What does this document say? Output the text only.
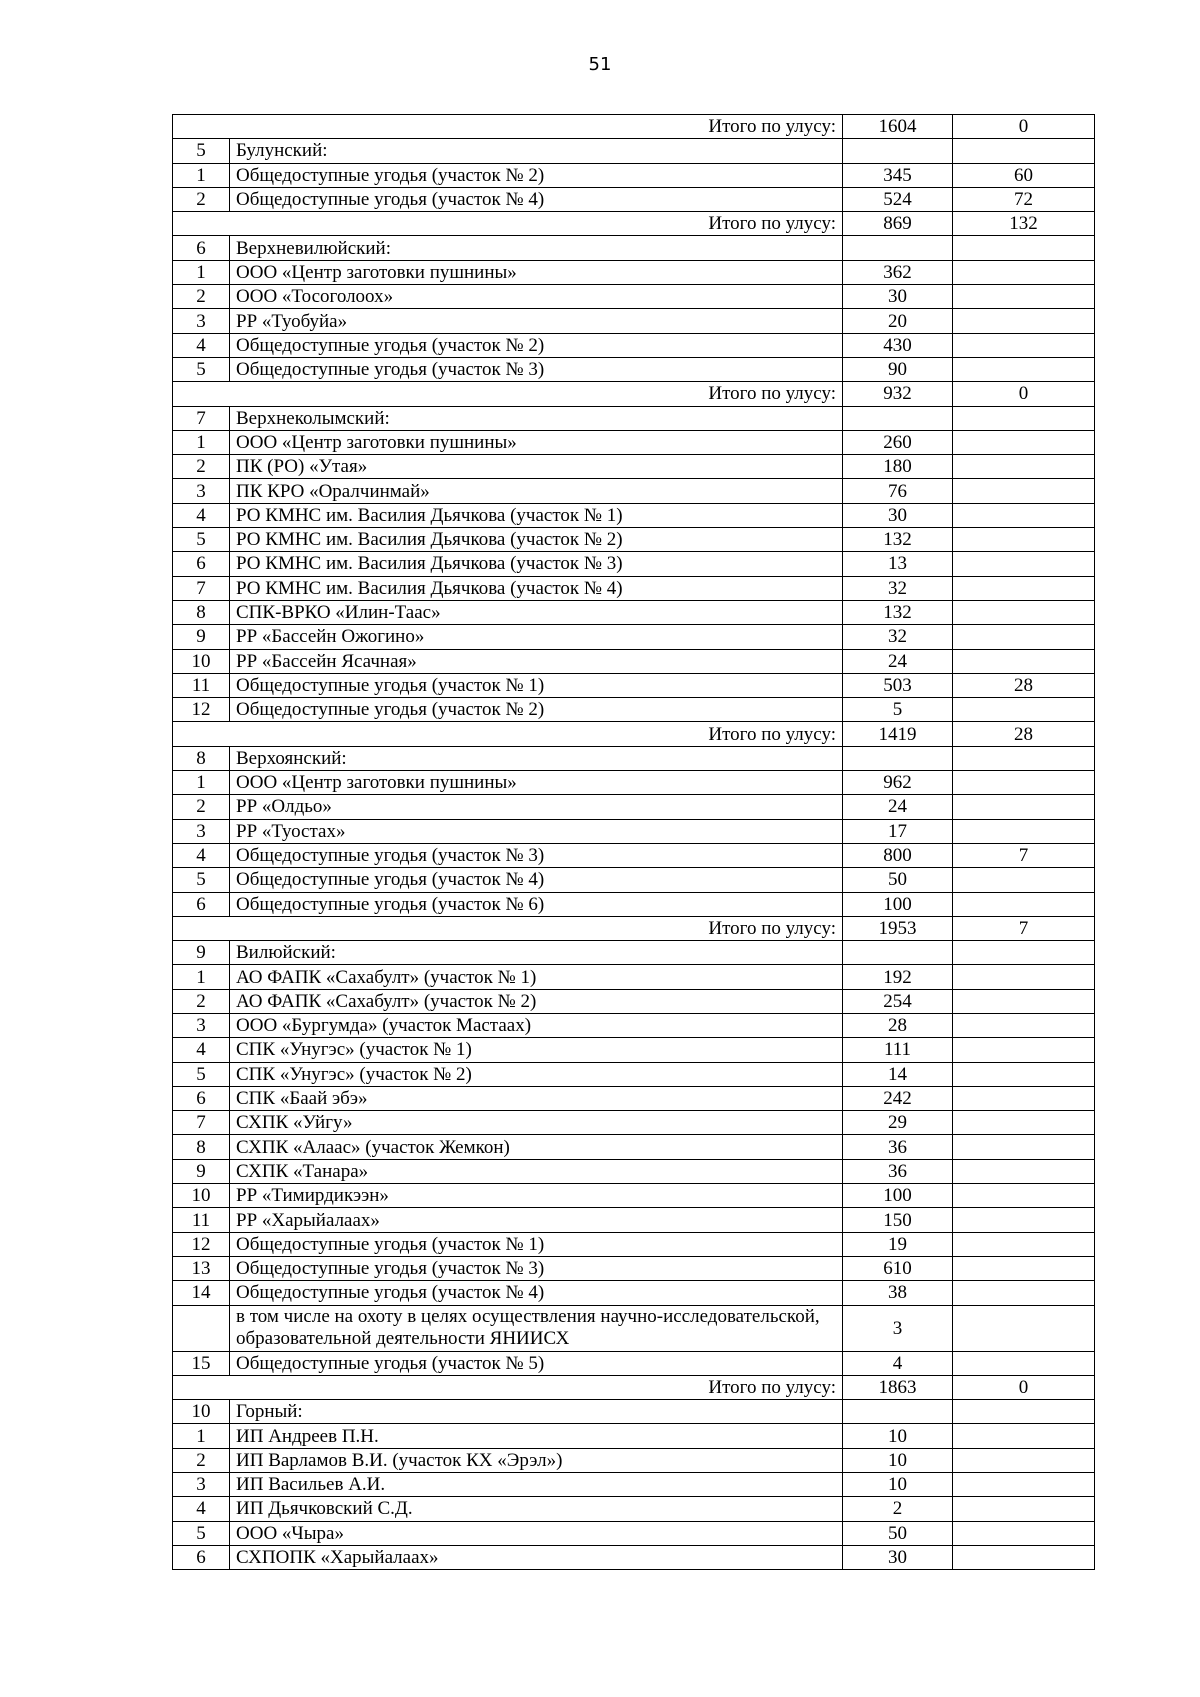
51
Итого по улусу:		1604	0
5	Булунский:		
1	Общедоступные угодья (участок № 2)	345	60
2	Общедоступные угодья (участок № 4)	524	72
Итого по улусу:		869	132
6	Верхневилюйский:		
1	ООО «Центр заготовки пушнины»	362	
2	ООО «Тосоголоох»	30	
3	РР «Туобуйа»	20	
4	Общедоступные угодья (участок № 2)	430	
5	Общедоступные угодья (участок № 3)	90	
Итого по улусу:		932	0
7	Верхнеколымский:		
1	ООО «Центр заготовки пушнины»	260	
2	ПК (РО) «Утая»	180	
3	ПК КРО «Оралчинмай»	76	
4	РО КМНС им. Василия Дьячкова (участок № 1)	30	
5	РО КМНС им. Василия Дьячкова (участок № 2)	132	
6	РО КМНС им. Василия Дьячкова (участок № 3)	13	
7	РО КМНС им. Василия Дьячкова (участок № 4)	32	
8	СПК-ВРКО «Илин-Таас»	132	
9	РР «Бассейн Ожогино»	32	
10	РР «Бассейн Ясачная»	24	
11	Общедоступные угодья (участок № 1)	503	28
12	Общедоступные угодья (участок № 2)	5	
Итого по улусу:		1419	28
8	Верхоянский:		
1	ООО «Центр заготовки пушнины»	962	
2	РР «Олдьо»	24	
3	РР «Туостах»	17	
4	Общедоступные угодья (участок № 3)	800	7
5	Общедоступные угодья (участок № 4)	50	
6	Общедоступные угодья (участок № 6)	100	
Итого по улусу:		1953	7
9	Вилюйский:		
1	АО ФАПК «Сахабулт» (участок № 1)	192	
2	АО ФАПК «Сахабулт» (участок № 2)	254	
3	ООО «Бургумда» (участок Мастаах)	28	
4	СПК «Унугэс» (участок № 1)	111	
5	СПК «Унугэс» (участок № 2)	14	
6	СПК «Баай эбэ»	242	
7	СХПК «Уйгу»	29	
8	СХПК «Алаас» (участок Жемкон)	36	
9	СХПК «Танара»	36	
10	РР «Тимирдикээн»	100	
11	РР «Харыйалаах»	150	
12	Общедоступные угодья (участок № 1)	19	
13	Общедоступные угодья (участок № 3)	610	
14	Общедоступные угодья (участок № 4)	38	
	в том числе на охоту в целях осуществления научно-исследовательской, образовательной деятельности ЯНИИСХ	3	
15	Общедоступные угодья (участок № 5)	4	
Итого по улусу:		1863	0
10	Горный:		
1	ИП Андреев П.Н.	10	
2	ИП Варламов В.И. (участок КХ «Эрэл»)	10	
3	ИП Васильев А.И.	10	
4	ИП Дьячковский С.Д.	2	
5	ООО «Чыра»	50	
6	СХПОПК «Харыйалаах»	30	
